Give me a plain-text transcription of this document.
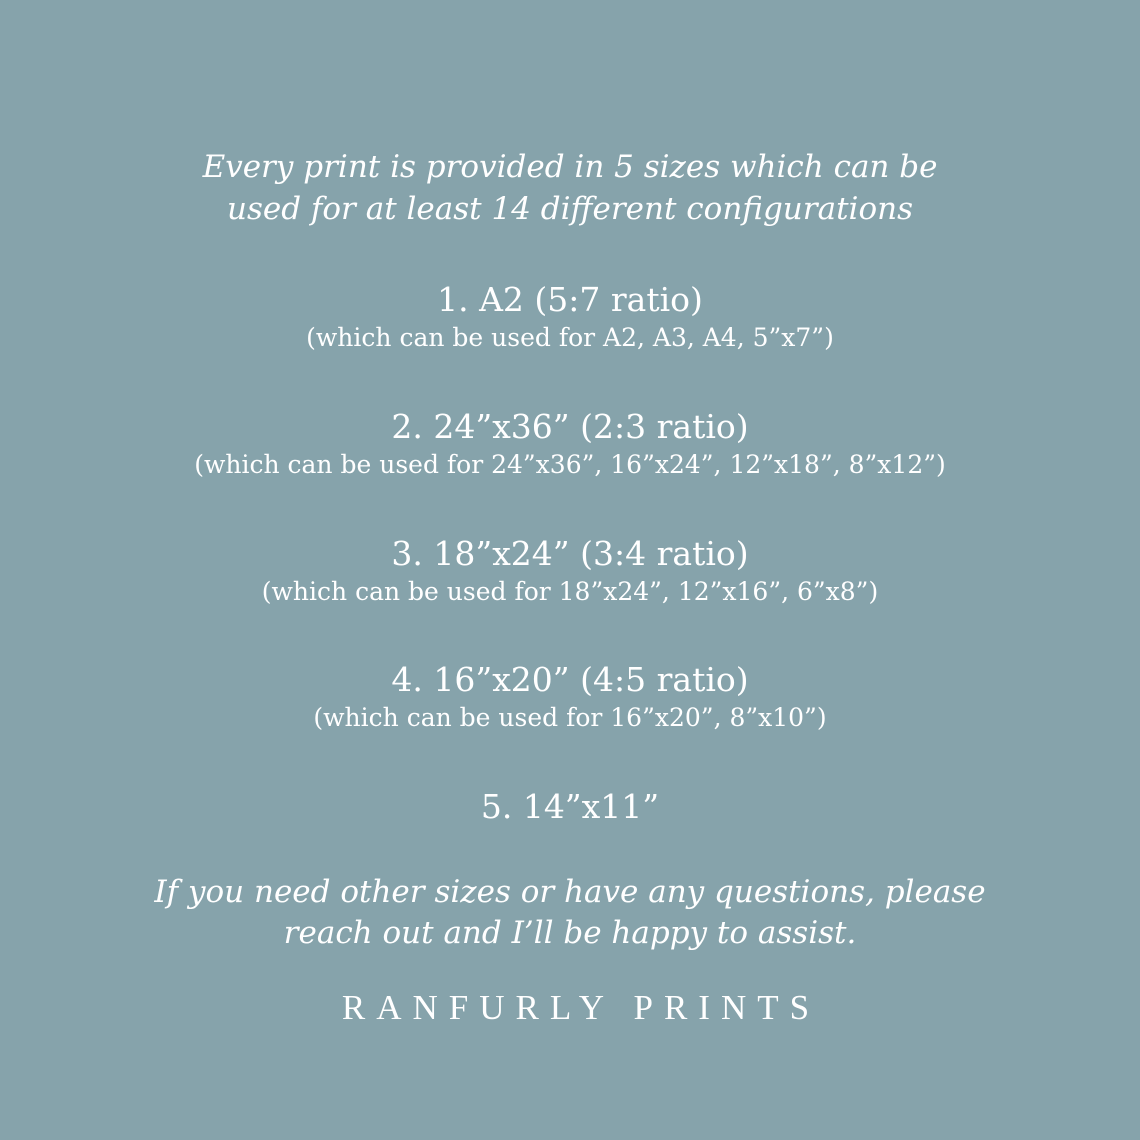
Every print is provided in 5 sizes which can be
used for at least 14 different configurations
1. A2 (5:7 ratio)
(which can be used for A2, A3, A4, 5”x7”)
2. 24”x36” (2:3 ratio)
(which can be used for 24”x36”, 16”x24”, 12”x18”, 8”x12”)
3. 18”x24” (3:4 ratio)
(which can be used for 18”x24”, 12”x16”, 6”x8”)
4. 16”x20” (4:5 ratio)
(which can be used for 16”x20”, 8”x10”)
5. 14”x11”
If you need other sizes or have any questions, please
reach out and I’ll be happy to assist.
RANFURLY PRINTS
